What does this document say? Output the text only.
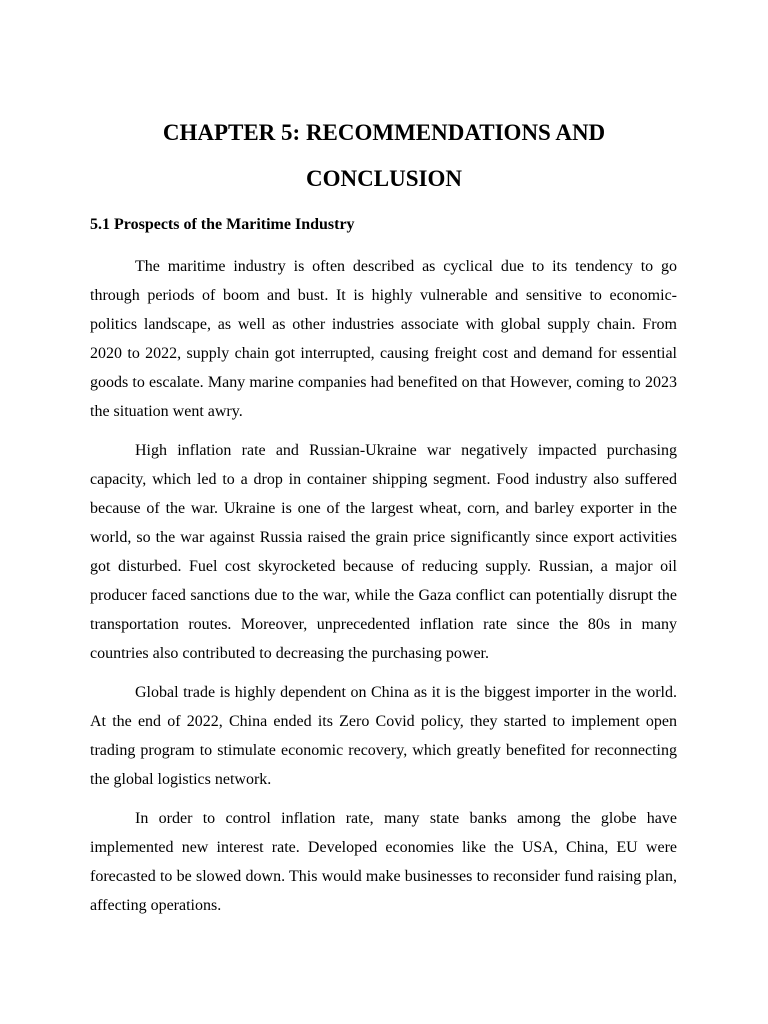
CHAPTER 5: RECOMMENDATIONS AND
CONCLUSION
5.1 Prospects of the Maritime Industry

The maritime industry is often described as cyclical due to its tendency to go through periods of boom and bust. It is highly vulnerable and sensitive to economic-politics landscape, as well as other industries associate with global supply chain. From 2020 to 2022, supply chain got interrupted, causing freight cost and demand for essential goods to escalate. Many marine companies had benefited on that However, coming to 2023 the situation went awry.

High inflation rate and Russian-Ukraine war negatively impacted purchasing capacity, which led to a drop in container shipping segment. Food industry also suffered because of the war. Ukraine is one of the largest wheat, corn, and barley exporter in the world, so the war against Russia raised the grain price significantly since export activities got disturbed. Fuel cost skyrocketed because of reducing supply. Russian, a major oil producer faced sanctions due to the war, while the Gaza conflict can potentially disrupt the transportation routes. Moreover, unprecedented inflation rate since the 80s in many countries also contributed to decreasing the purchasing power.

Global trade is highly dependent on China as it is the biggest importer in the world. At the end of 2022, China ended its Zero Covid policy, they started to implement open trading program to stimulate economic recovery, which greatly benefited for reconnecting the global logistics network.

In order to control inflation rate, many state banks among the globe have implemented new interest rate. Developed economies like the USA, China, EU were forecasted to be slowed down. This would make businesses to reconsider fund raising plan, affecting operations.
